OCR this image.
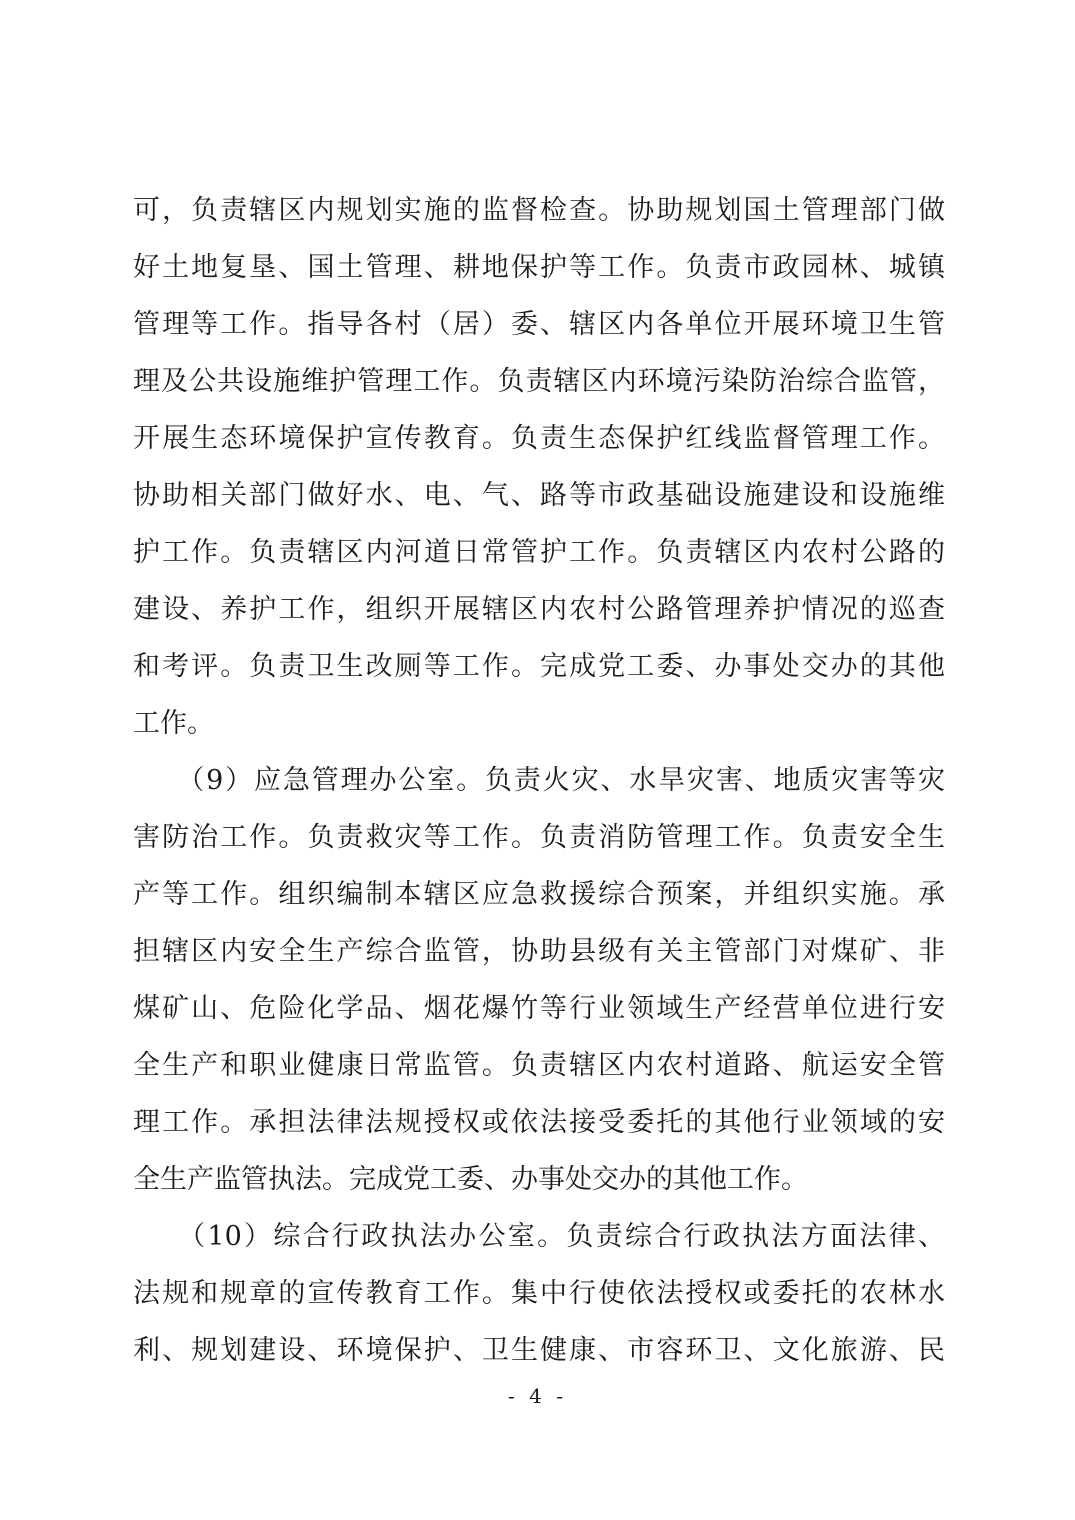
可，负责辖区内规划实施的监督检查。协助规划国土管理部门做
好土地复垦、国土管理、耕地保护等工作。负责市政园林、城镇
管理等工作。指导各村（居）委、辖区内各单位开展环境卫生管
理及公共设施维护管理工作。负责辖区内环境污染防治综合监管，
开展生态环境保护宣传教育。负责生态保护红线监督管理工作。
协助相关部门做好水、电、气、路等市政基础设施建设和设施维
护工作。负责辖区内河道日常管护工作。负责辖区内农村公路的
建设、养护工作，组织开展辖区内农村公路管理养护情况的巡查
和考评。负责卫生改厕等工作。完成党工委、办事处交办的其他
工作。
　　（9）应急管理办公室。负责火灾、水旱灾害、地质灾害等灾
害防治工作。负责救灾等工作。负责消防管理工作。负责安全生
产等工作。组织编制本辖区应急救援综合预案，并组织实施。承
担辖区内安全生产综合监管，协助县级有关主管部门对煤矿、非
煤矿山、危险化学品、烟花爆竹等行业领域生产经营单位进行安
全生产和职业健康日常监管。负责辖区内农村道路、航运安全管
理工作。承担法律法规授权或依法接受委托的其他行业领域的安
全生产监管执法。完成党工委、办事处交办的其他工作。
　　（10）综合行政执法办公室。负责综合行政执法方面法律、
法规和规章的宣传教育工作。集中行使依法授权或委托的农林水
利、规划建设、环境保护、卫生健康、市容环卫、文化旅游、民
- 4 -
